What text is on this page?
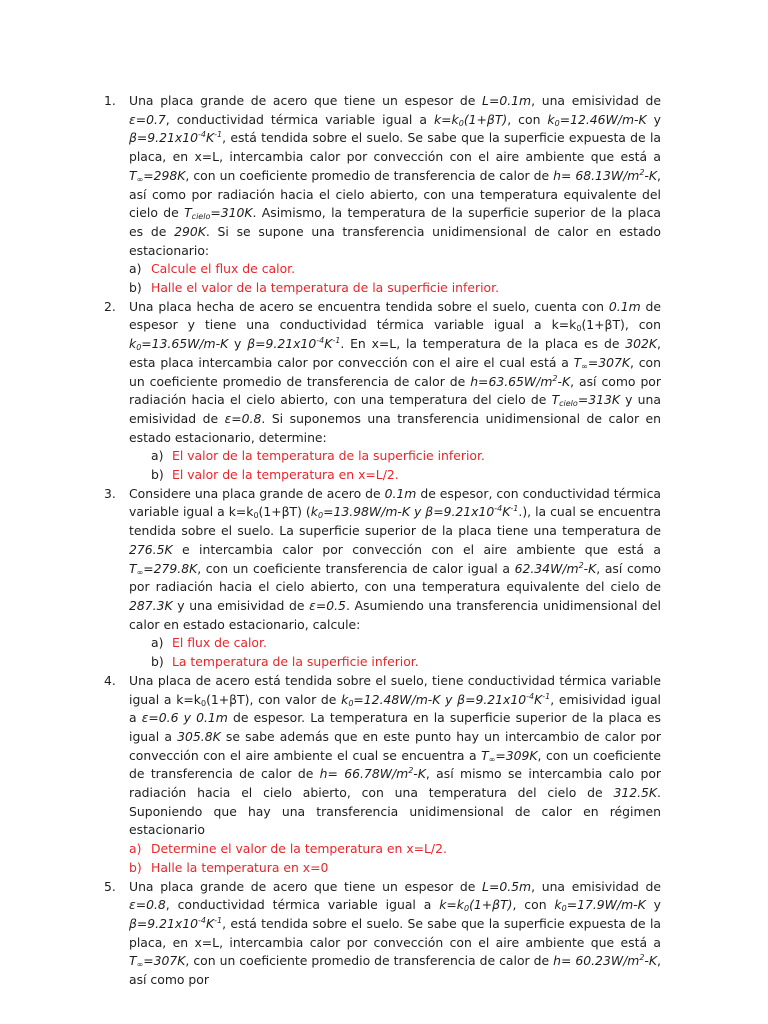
1. Una placa grande de acero que tiene un espesor de L=0.1m, una emisividad de ε=0.7, conductividad térmica variable igual a $k=k_0(1+\beta T)$, con $k_0=12.46W/m-K$ y $\beta=9.21x10^{-4}K^{-1}$, está tendida sobre el suelo. Se sabe que la superficie expuesta de la placa, en x=L, intercambia calor por convección con el aire ambiente que está a $T_\infty=298K$, con un coeficiente promedio de transferencia de calor de $h= 68.13W/m^2-K$, así como por radiación hacia el cielo abierto, con una temperatura equivalente del cielo de $T_{cielo}=310K$. Asimismo, la temperatura de la superficie superior de la placa es de 290K. Si se supone una transferencia unidimensional de calor en estado estacionario:
a) Calcule el flux de calor.
b) Halle el valor de la temperatura de la superficie inferior.
2. Una placa hecha de acero se encuentra tendida sobre el suelo, cuenta con 0.1m de espesor y tiene una conductividad térmica variable igual a $k=k_0(1+\beta T)$, con $k_0=13.65W/m-K$ y $\beta=9.21x10^{-4}K^{-1}$. En x=L, la temperatura de la placa es de 302K, esta placa intercambia calor por convección con el aire el cual está a $T_\infty=307K$, con un coeficiente promedio de transferencia de calor de $h=63.65W/m^2-K$, así como por radiación hacia el cielo abierto, con una temperatura del cielo de $T_{cielo}=313K$ y una emisividad de ε=0.8. Si suponemos una transferencia unidimensional de calor en estado estacionario, determine:
a) El valor de la temperatura de la superficie inferior.
b) El valor de la temperatura en x=L/2.
3. Considere una placa grande de acero de 0.1m de espesor, con conductividad térmica variable igual a $k=k_0(1+\beta T)$ ($k_0=13.98W/m-K$ y $\beta=9.21x10^{-4}K^{-1}$.), la cual se encuentra tendida sobre el suelo. La superficie superior de la placa tiene una temperatura de 276.5K e intercambia calor por convección con el aire ambiente que está a $T_\infty=279.8K$, con un coeficiente transferencia de calor igual a $62.34W/m^2-K$, así como por radiación hacia el cielo abierto, con una temperatura equivalente del cielo de 287.3K y una emisividad de ε=0.5. Asumiendo una transferencia unidimensional del calor en estado estacionario, calcule:
a) El flux de calor.
b) La temperatura de la superficie inferior.
4. Una placa de acero está tendida sobre el suelo, tiene conductividad térmica variable igual a $k=k_0(1+\beta T)$, con valor de $k_0=12.48W/m-K$ y $\beta=9.21x10^{-4}K^{-1}$, emisividad igual a ε=0.6 y 0.1m de espesor. La temperatura en la superficie superior de la placa es igual a 305.8K se sabe además que en este punto hay un intercambio de calor por convección con el aire ambiente el cual se encuentra a $T_\infty=309K$, con un coeficiente de transferencia de calor de $h= 66.78W/m^2-K$, así mismo se intercambia calo por radiación hacia el cielo abierto, con una temperatura del cielo de 312.5K. Suponiendo que hay una transferencia unidimensional de calor en régimen estacionario
a) Determine el valor de la temperatura en x=L/2.
b) Halle la temperatura en x=0
5. Una placa grande de acero que tiene un espesor de L=0.5m, una emisividad de ε=0.8, conductividad térmica variable igual a $k=k_0(1+\beta T)$, con $k_0=17.9W/m-K$ y $\beta=9.21x10^{-4}K^{-1}$, está tendida sobre el suelo. Se sabe que la superficie expuesta de la placa, en x=L, intercambia calor por convección con el aire ambiente que está a $T_\infty=307K$, con un coeficiente promedio de transferencia de calor de $h= 60.23W/m^2-K$, así como por
